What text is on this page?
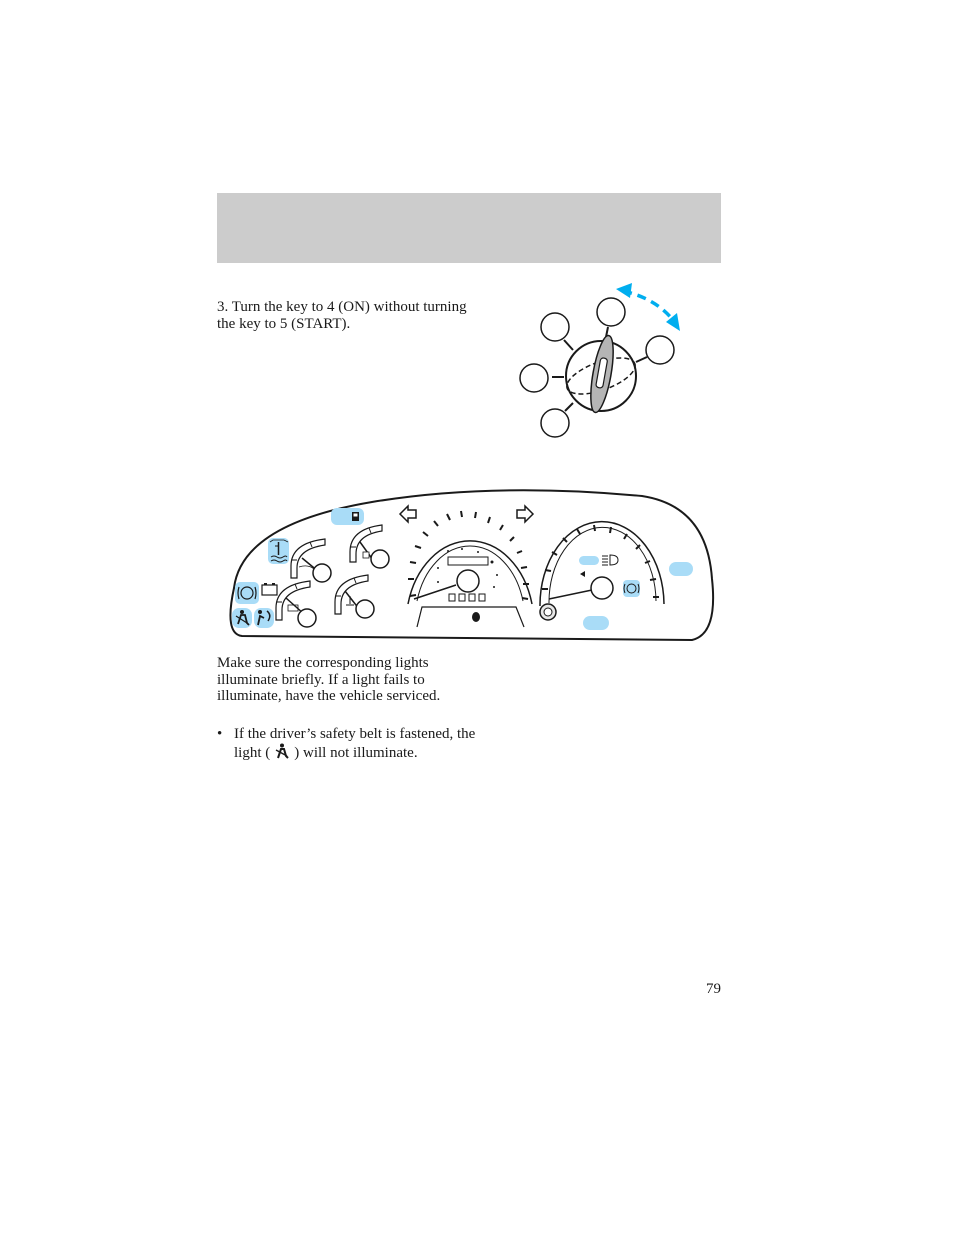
3. Turn the key to 4 (ON) without turning the key to 5 (START).
Make sure the corresponding lights illuminate briefly. If a light fails to illuminate, have the vehicle serviced.
• If the driver’s safety belt is fastened, the light ( ) will not illuminate.
79
